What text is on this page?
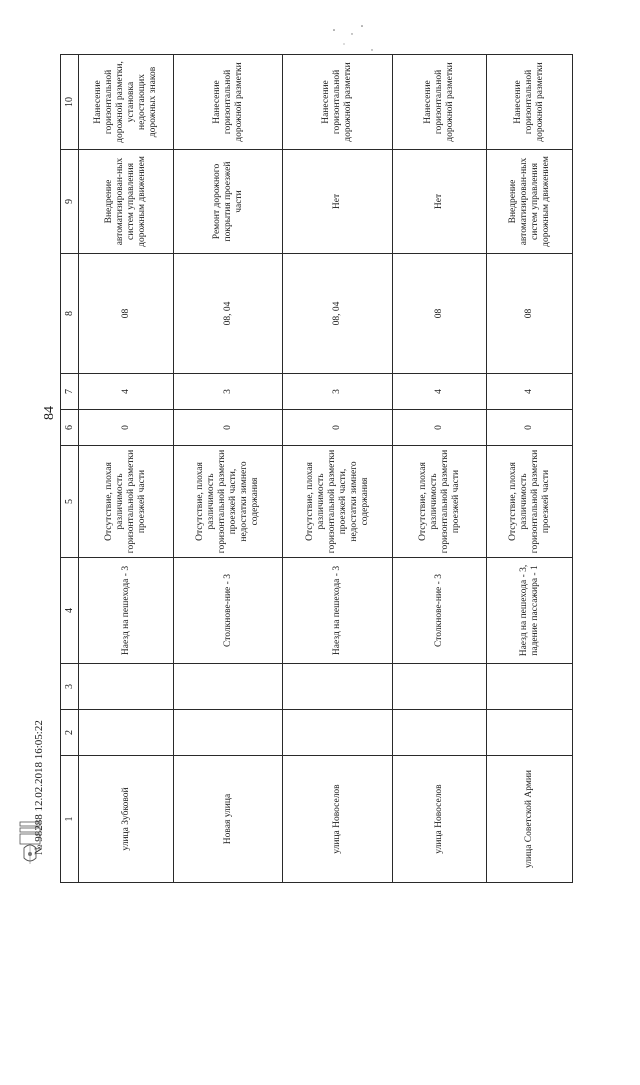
84
1	2	3	4	5	6	7	8	9	10
улица Зубковой			Наезд на пешехода - 3	Отсутствие, плохая различимость горизонтальной разметки проезжей части	0	4	08	Внедрение автоматизирован-ных систем управления дорожным движением	Нанесение горизонтальной дорожной разметки, установка недостающих дорожных знаков
Новая улица			Столкнове-ние - 3	Отсутствие, плохая различимость горизонтальной разметки проезжей части, недостатки зимнего содержания	0	3	08, 04	Ремонт дорожного покрытия проезжей части	Нанесение горизонтальной дорожной разметки
улица Новоселов			Наезд на пешехода - 3	Отсутствие, плохая различимость горизонтальной разметки проезжей части, недостатки зимнего содержания	0	3	08, 04	Нет	Нанесение горизонтальной дорожной разметки
улица Новоселов			Столкнове-ние - 3	Отсутствие, плохая различимость горизонтальной разметки проезжей части	0	4	08	Нет	Нанесение горизонтальной дорожной разметки
улица Советской Армии			Наезд на пешехода - 3, падение пассажира - 1	Отсутствие, плохая различимость горизонтальной разметки проезжей части	0	4	08	Внедрение автоматизирован-ных систем управления дорожным движением	Нанесение горизонтальной дорожной разметки
№ 98288 12.02.2018 16:05:22
